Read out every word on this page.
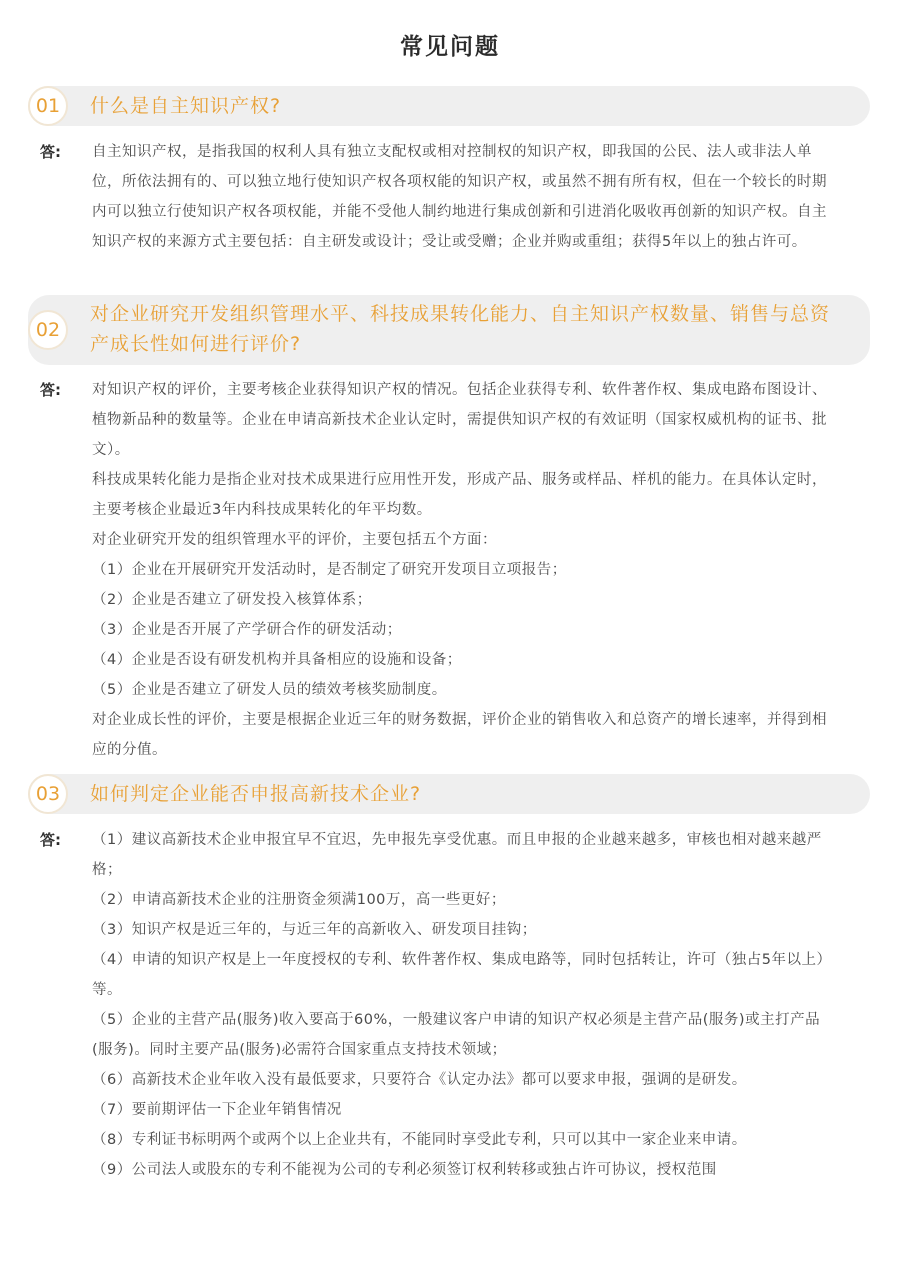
常见问题
01	什么是自主知识产权?
答: 自主知识产权，是指我国的权利人具有独立支配权或相对控制权的知识产权，即我国的公民、法人或非法人单位，所依法拥有的、可以独立地行使知识产权各项权能的知识产权，或虽然不拥有所有权，但在一个较长的时期内可以独立行使知识产权各项权能，并能不受他人制约地进行集成创新和引进消化吸收再创新的知识产权。自主知识产权的来源方式主要包括：自主研发或设计；受让或受赠；企业并购或重组；获得5年以上的独占许可。

02
对企业研究开发组织管理水平、科技成果转化能力、自主知识产权数量、销售与总资产成长性如何进行评价?
答: 对知识产权的评价，主要考核企业获得知识产权的情况。包括企业获得专利、软件著作权、集成电路布图设计、植物新品种的数量等。企业在申请高新技术企业认定时，需提供知识产权的有效证明（国家权威机构的证书、批文）。

科技成果转化能力是指企业对技术成果进行应用性开发，形成产品、服务或样品、样机的能力。在具体认定时，主要考核企业最近3年内科技成果转化的年平均数。

对企业研究开发的组织管理水平的评价，主要包括五个方面：

（1）企业在开展研究开发活动时，是否制定了研究开发项目立项报告；

（2）企业是否建立了研发投入核算体系；

（3）企业是否开展了产学研合作的研发活动；

（4）企业是否设有研发机构并具备相应的设施和设备；

（5）企业是否建立了研发人员的绩效考核奖励制度。

对企业成长性的评价，主要是根据企业近三年的财务数据，评价企业的销售收入和总资产的增长速率，并得到相应的分值。

03	如何判定企业能否申报高新技术企业?
答: （1）建议高新技术企业申报宜早不宜迟，先申报先享受优惠。而且申报的企业越来越多，审核也相对越来越严格；

（2）申请高新技术企业的注册资金须满100万，高一些更好；

（3）知识产权是近三年的，与近三年的高新收入、研发项目挂钩；

（4）申请的知识产权是上一年度授权的专利、软件著作权、集成电路等，同时包括转让，许可（独占5年以上）等。

（5）企业的主营产品(服务)收入要高于60%，一般建议客户申请的知识产权必须是主营产品(服务)或主打产品(服务)。同时主要产品(服务)必需符合国家重点支持技术领域；

（6）高新技术企业年收入没有最低要求，只要符合《认定办法》都可以要求申报，强调的是研发。

（7）要前期评估一下企业年销售情况

（8）专利证书标明两个或两个以上企业共有，不能同时享受此专利，只可以其中一家企业来申请。

（9）公司法人或股东的专利不能视为公司的专利必须签订权利转移或独占许可协议，授权范围
